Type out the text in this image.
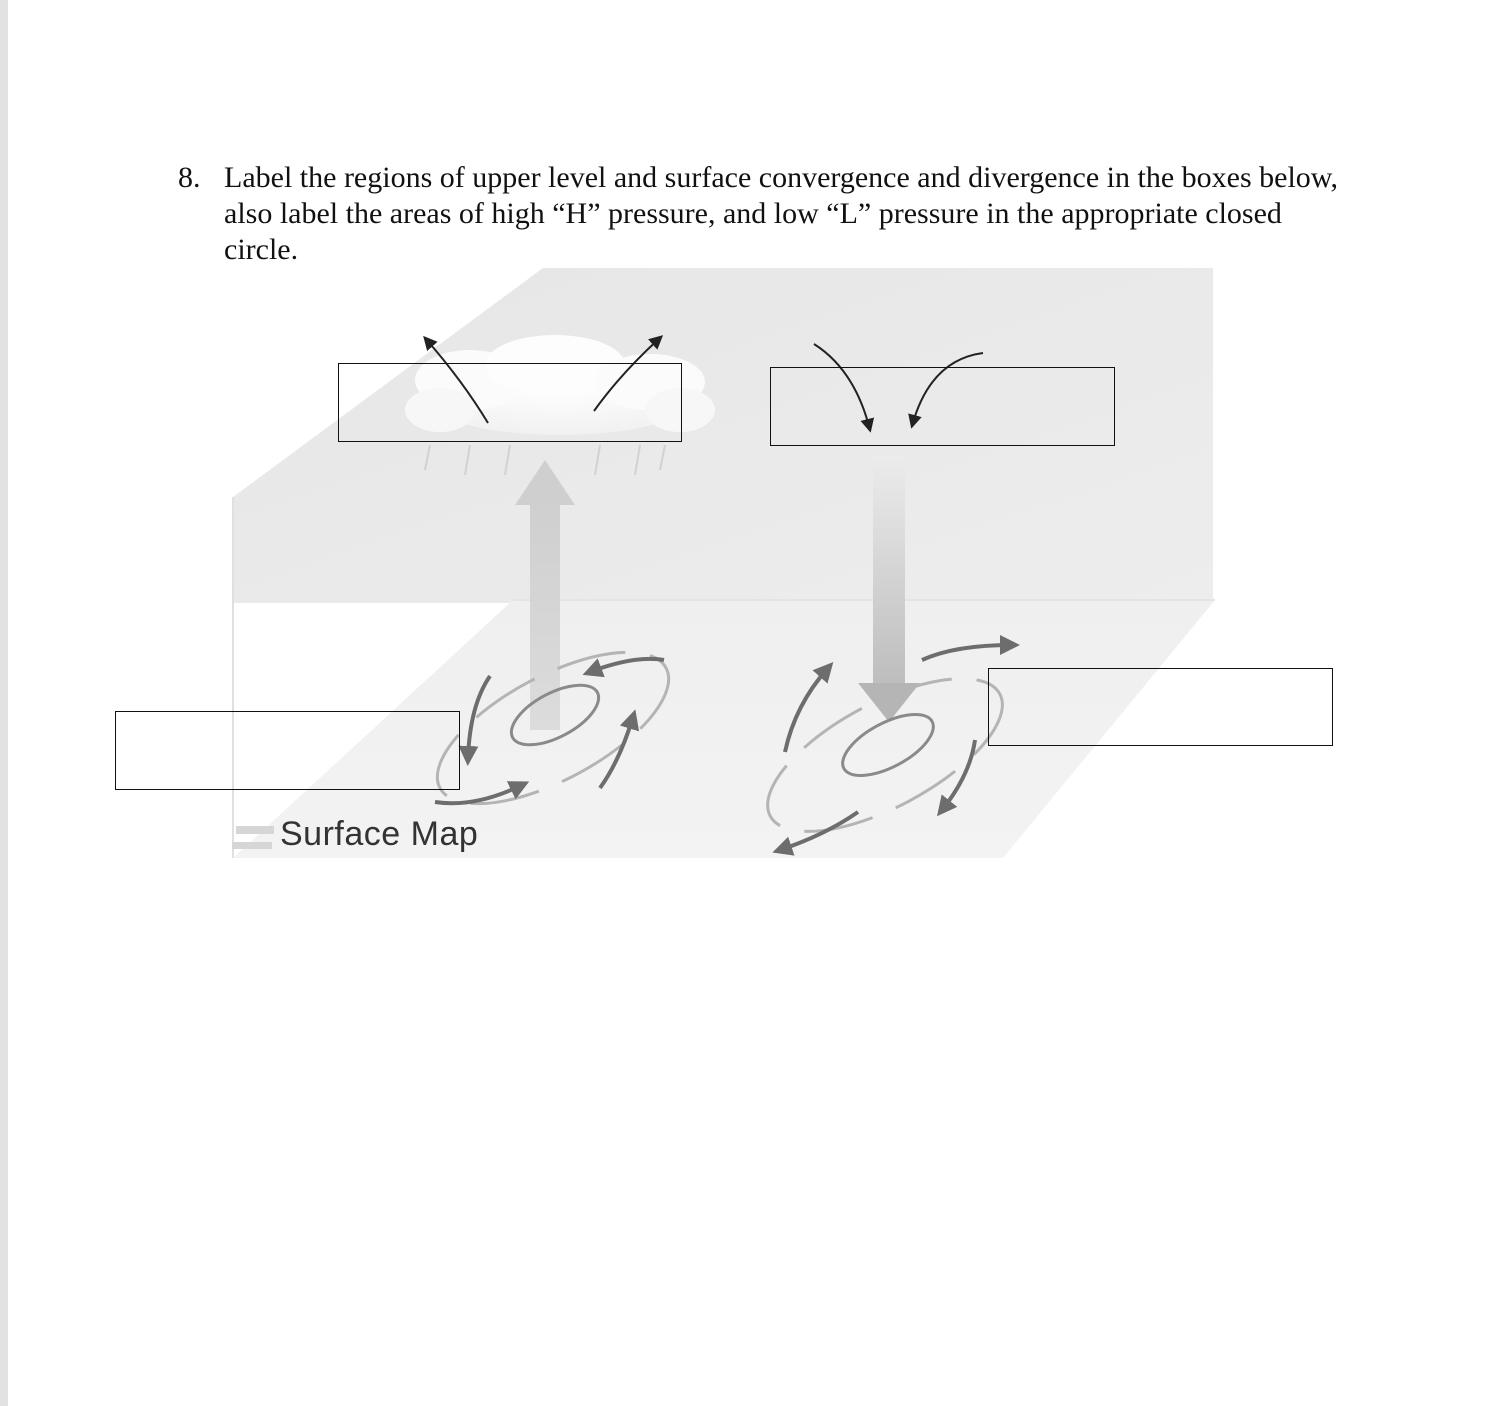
8. Label the regions of upper level and surface convergence and divergence in the boxes below,
also label the areas of high “H” pressure, and low “L” pressure in the appropriate closed
circle.
Surface Map
